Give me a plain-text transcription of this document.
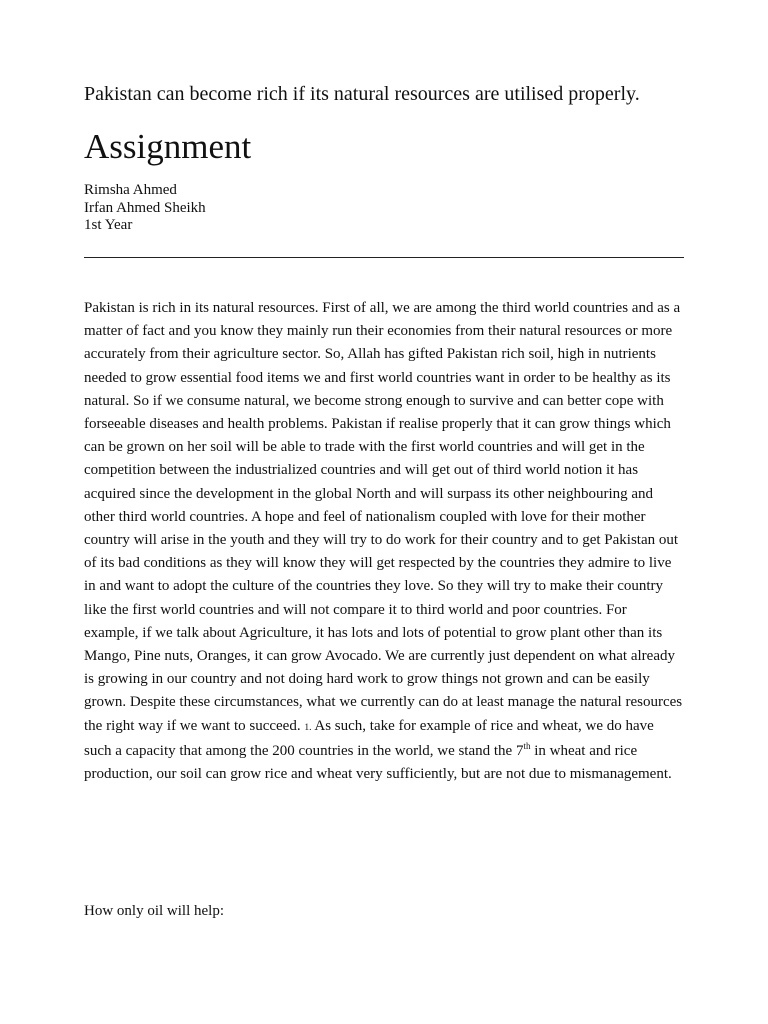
Pakistan can become rich if its natural resources are utilised properly.
Assignment
Rimsha Ahmed
Irfan Ahmed Sheikh
1st Year

Pakistan is rich in its natural resources. First of all, we are among the third world countries and as a matter of fact and you know they mainly run their economies from their natural resources or more accurately from their agriculture sector. So, Allah has gifted Pakistan rich soil, high in nutrients needed to grow essential food items we and first world countries want in order to be healthy as its natural. So if we consume natural, we become strong enough to survive and can better cope with forseeable diseases and health problems. Pakistan if realise properly that it can grow things which can be grown on her soil will be able to trade with the first world countries and will get in the competition between the industrialized countries and will get out of third world notion it has acquired since the development in the global North and will surpass its other neighbouring and other third world countries. A hope and feel of nationalism coupled with love for their mother country will arise in the youth and they will try to do work for their country and to get Pakistan out of its bad conditions as they will know they will get respected by the countries they admire to live in and want to adopt the culture of the countries they love. So they will try to make their country like the first world countries and will not compare it to third world and poor countries. For example, if we talk about Agriculture, it has lots and lots of potential to grow plant other than its Mango, Pine nuts, Oranges, it can grow Avocado. We are currently just dependent on what already is growing in our country and not doing hard work to grow things not grown and can be easily grown. Despite these circumstances, what we currently can do at least manage the natural resources the right way if we want to succeed. 1. As such, take for example of rice and wheat, we do have such a capacity that among the 200 countries in the world, we stand the 7th in wheat and rice production, our soil can grow rice and wheat very sufficiently, but are not due to mismanagement.

How only oil will help:
